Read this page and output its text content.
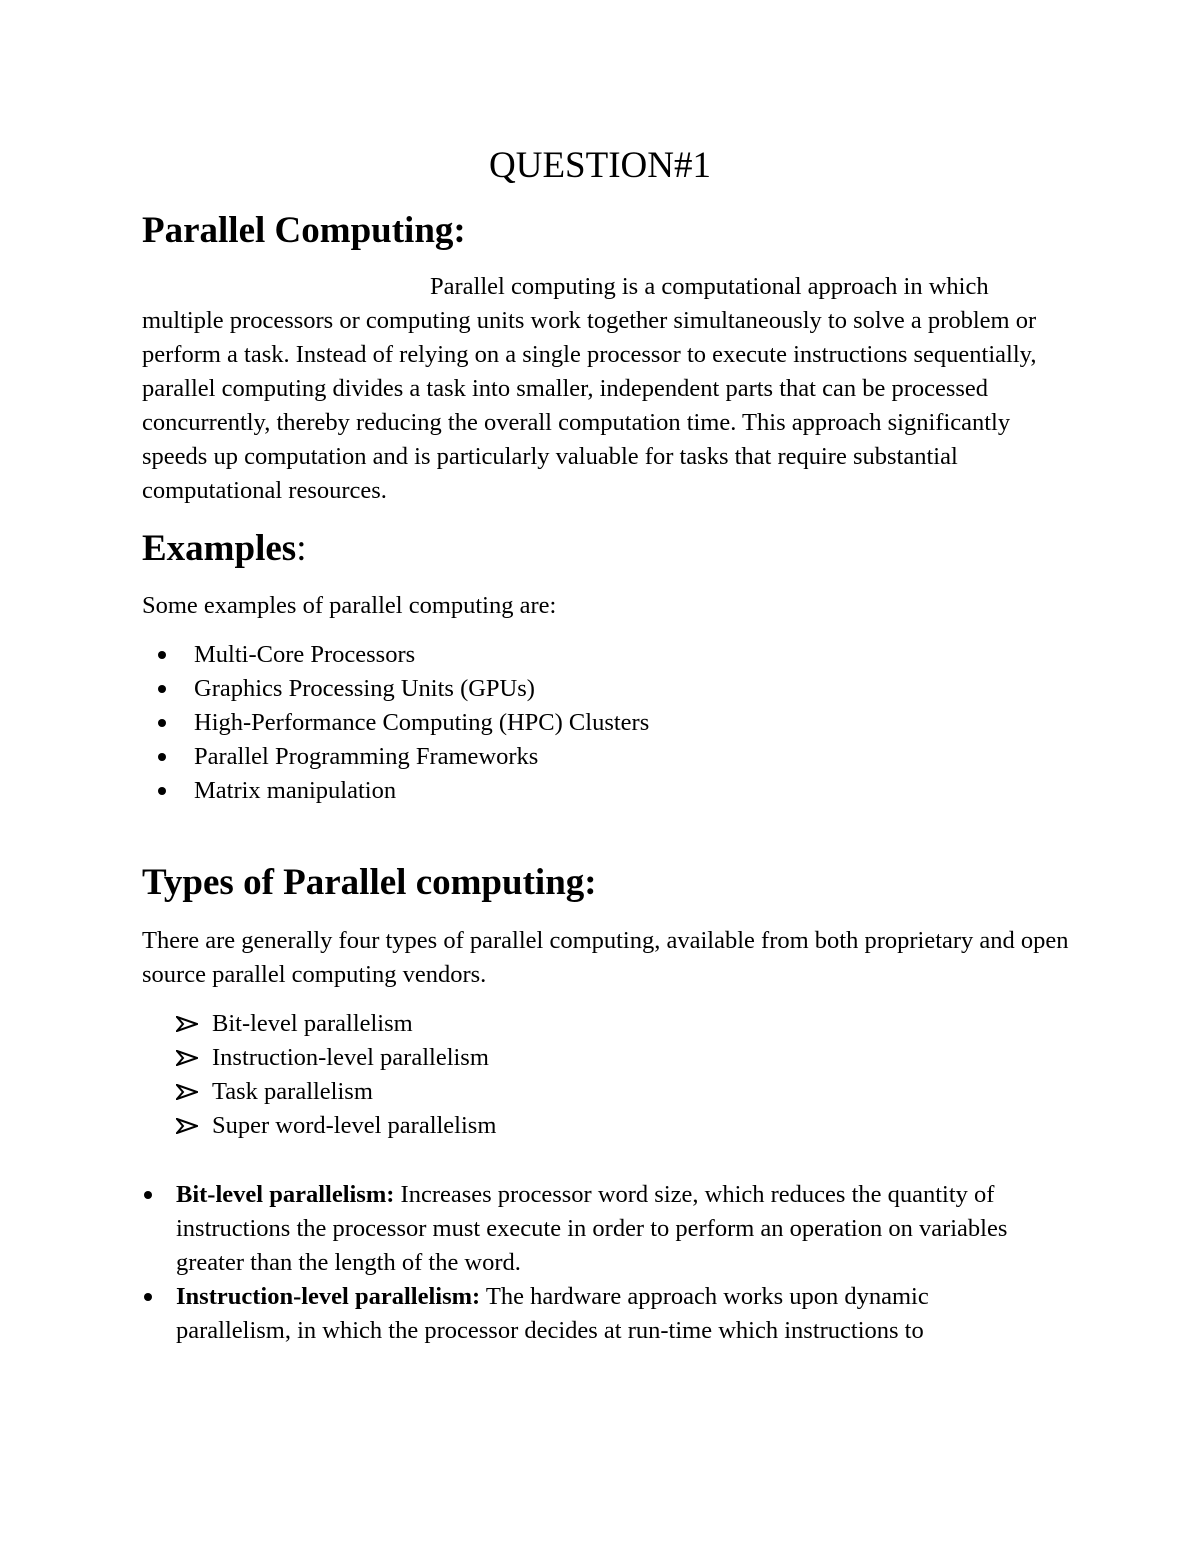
QUESTION#1
Parallel Computing:

Parallel computing is a computational approach in which multiple processors or computing units work together simultaneously to solve a problem or perform a task. Instead of relying on a single processor to execute instructions sequentially, parallel computing divides a task into smaller, independent parts that can be processed concurrently, thereby reducing the overall computation time. This approach significantly speeds up computation and is particularly valuable for tasks that require substantial computational resources.

Examples:

Some examples of parallel computing are:

Multi-Core Processors
Graphics Processing Units (GPUs)
High-Performance Computing (HPC) Clusters
Parallel Programming Frameworks
Matrix manipulation
Types of Parallel computing:

There are generally four types of parallel computing, available from both proprietary and open source parallel computing vendors.

Bit-level parallelism
Instruction-level parallelism
Task parallelism
Super word-level parallelism
Bit-level parallelism: Increases processor word size, which reduces the quantity of instructions the processor must execute in order to perform an operation on variables greater than the length of the word.
Instruction-level parallelism: The hardware approach works upon dynamic parallelism, in which the processor decides at run-time which instructions to
